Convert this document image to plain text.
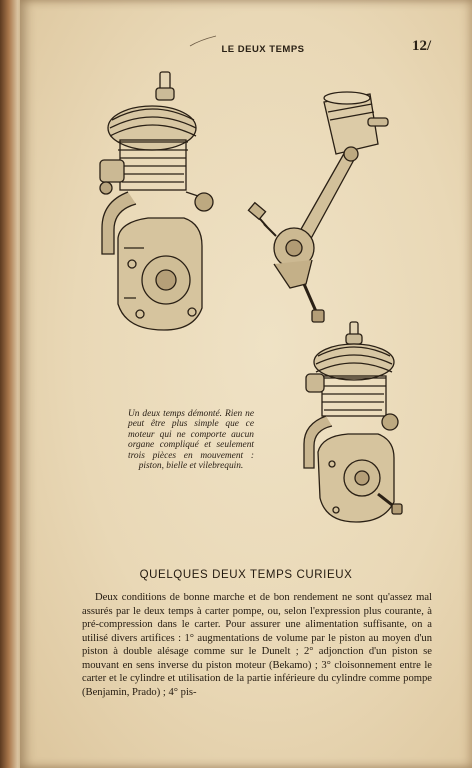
LE DEUX TEMPS	12/
Un deux temps démonté. Rien ne peut être plus simple que ce moteur qui ne comporte aucun organe compliqué et seulement trois pièces en mouvement : piston, bielle et vilebrequin.
QUELQUES DEUX TEMPS CURIEUX

Deux conditions de bonne marche et de bon rendement ne sont qu'assez mal assurés par le deux temps à carter pompe, ou, selon l'expression plus courante, à pré-compression dans le carter. Pour assurer une alimentation suffisante, on a utilisé divers artifices : 1° augmentations de volume par le piston au moyen d'un piston à double alésage comme sur le Dunelt ; 2° adjonction d'un piston se mouvant en sens inverse du piston moteur (Bekamo) ; 3° cloisonnement entre le carter et le cylindre et utilisation de la partie inférieure du cylindre comme pompe (Benjamin, Prado) ; 4° pis-
